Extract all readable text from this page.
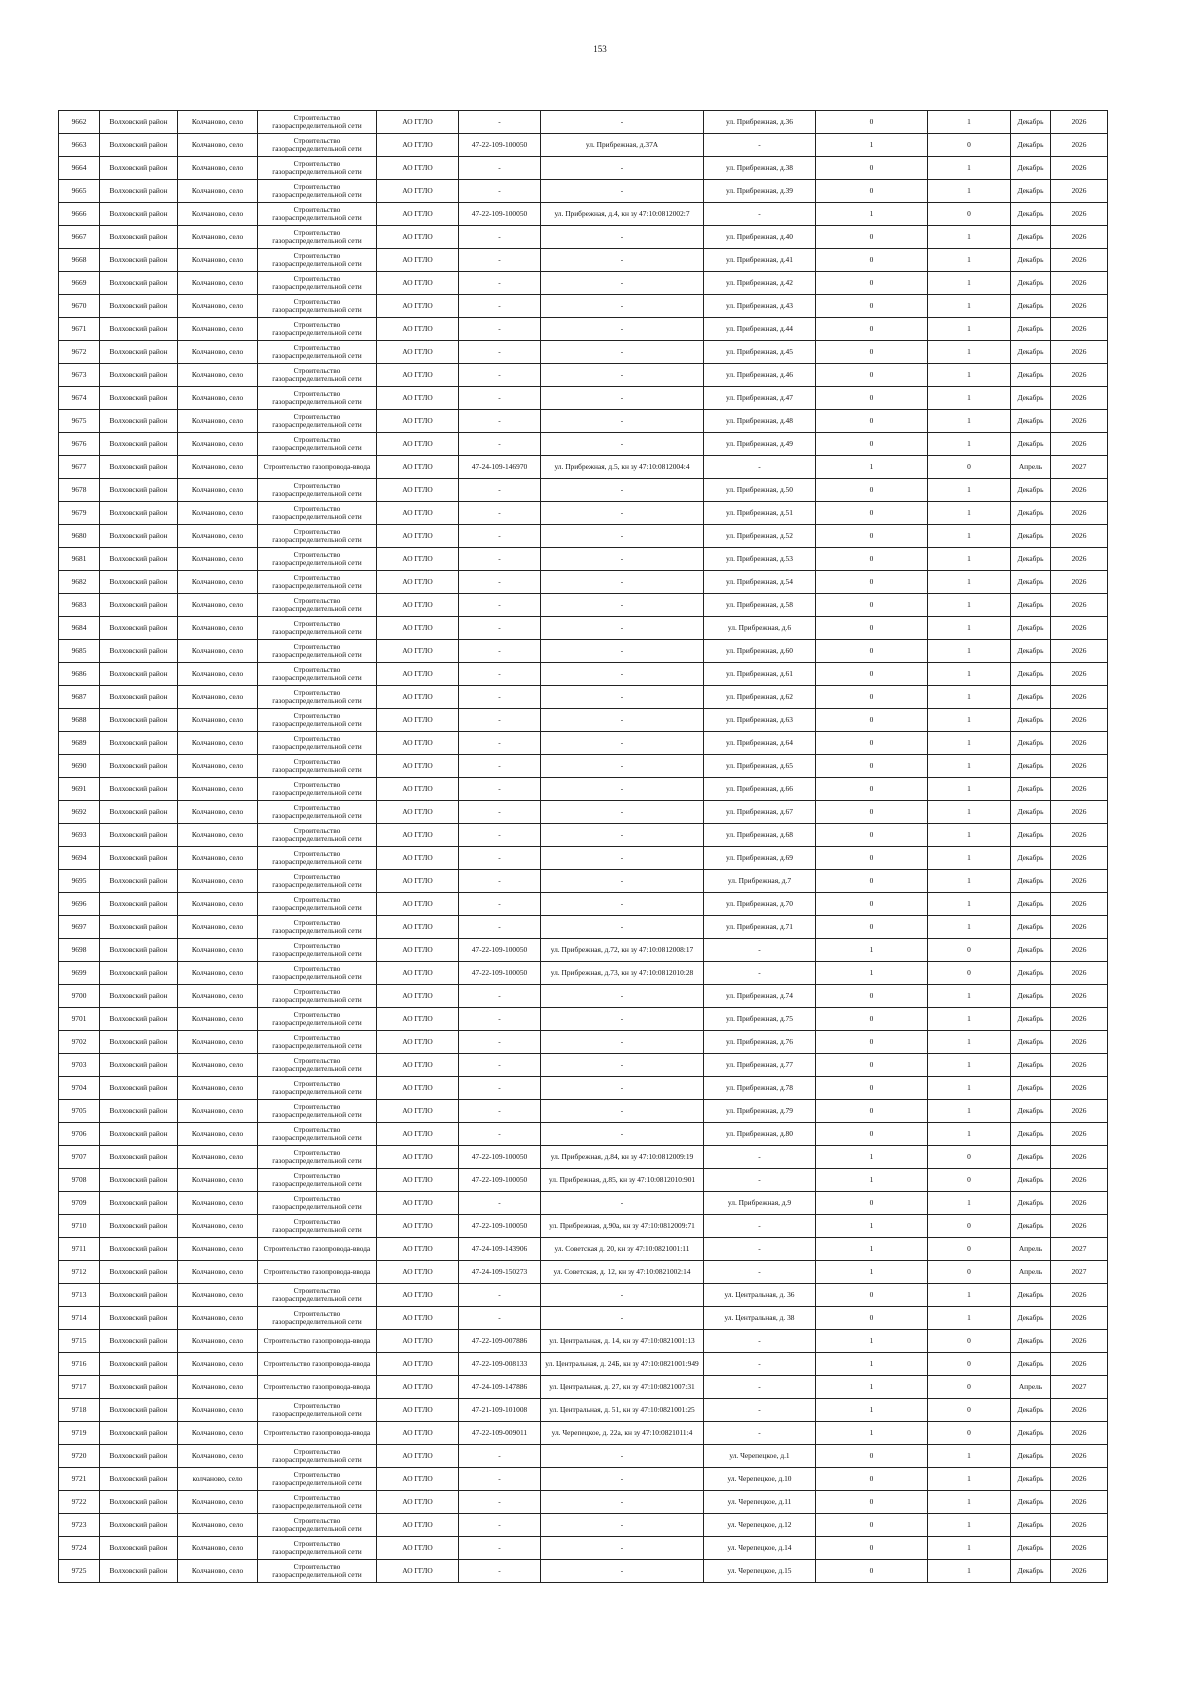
153
9662	Волховский район	Колчаново, село	Строительство газораспределительной сети	АО ГГЛО	-	-	ул. Прибрежная, д.36	0	1	Декабрь	2026
9663	Волховский район	Колчаново, село	Строительство газораспределительной сети	АО ГГЛО	47-22-109-100050	ул. Прибрежная, д.37А	-	1	0	Декабрь	2026
9664	Волховский район	Колчаново, село	Строительство газораспределительной сети	АО ГГЛО	-	-	ул. Прибрежная, д.38	0	1	Декабрь	2026
9665	Волховский район	Колчаново, село	Строительство газораспределительной сети	АО ГГЛО	-	-	ул. Прибрежная, д.39	0	1	Декабрь	2026
9666	Волховский район	Колчаново, село	Строительство газораспределительной сети	АО ГГЛО	47-22-109-100050	ул. Прибрежная, д.4, кн зу 47:10:0812002:7	-	1	0	Декабрь	2026
9667	Волховский район	Колчаново, село	Строительство газораспределительной сети	АО ГГЛО	-	-	ул. Прибрежная, д.40	0	1	Декабрь	2026
9668	Волховский район	Колчаново, село	Строительство газораспределительной сети	АО ГГЛО	-	-	ул. Прибрежная, д.41	0	1	Декабрь	2026
9669	Волховский район	Колчаново, село	Строительство газораспределительной сети	АО ГГЛО	-	-	ул. Прибрежная, д.42	0	1	Декабрь	2026
9670	Волховский район	Колчаново, село	Строительство газораспределительной сети	АО ГГЛО	-	-	ул. Прибрежная, д.43	0	1	Декабрь	2026
9671	Волховский район	Колчаново, село	Строительство газораспределительной сети	АО ГГЛО	-	-	ул. Прибрежная, д.44	0	1	Декабрь	2026
9672	Волховский район	Колчаново, село	Строительство газораспределительной сети	АО ГГЛО	-	-	ул. Прибрежная, д.45	0	1	Декабрь	2026
9673	Волховский район	Колчаново, село	Строительство газораспределительной сети	АО ГГЛО	-	-	ул. Прибрежная, д.46	0	1	Декабрь	2026
9674	Волховский район	Колчаново, село	Строительство газораспределительной сети	АО ГГЛО	-	-	ул. Прибрежная, д.47	0	1	Декабрь	2026
9675	Волховский район	Колчаново, село	Строительство газораспределительной сети	АО ГГЛО	-	-	ул. Прибрежная, д.48	0	1	Декабрь	2026
9676	Волховский район	Колчаново, село	Строительство газораспределительной сети	АО ГГЛО	-	-	ул. Прибрежная, д.49	0	1	Декабрь	2026
9677	Волховский район	Колчаново, село	Строительство газопровода-ввода	АО ГГЛО	47-24-109-146970	ул. Прибрежная, д.5, кн зу 47:10:0812004:4	-	1	0	Апрель	2027
9678	Волховский район	Колчаново, село	Строительство газораспределительной сети	АО ГГЛО	-	-	ул. Прибрежная, д.50	0	1	Декабрь	2026
9679	Волховский район	Колчаново, село	Строительство газораспределительной сети	АО ГГЛО	-	-	ул. Прибрежная, д.51	0	1	Декабрь	2026
9680	Волховский район	Колчаново, село	Строительство газораспределительной сети	АО ГГЛО	-	-	ул. Прибрежная, д.52	0	1	Декабрь	2026
9681	Волховский район	Колчаново, село	Строительство газораспределительной сети	АО ГГЛО	-	-	ул. Прибрежная, д.53	0	1	Декабрь	2026
9682	Волховский район	Колчаново, село	Строительство газораспределительной сети	АО ГГЛО	-	-	ул. Прибрежная, д.54	0	1	Декабрь	2026
9683	Волховский район	Колчаново, село	Строительство газораспределительной сети	АО ГГЛО	-	-	ул. Прибрежная, д.58	0	1	Декабрь	2026
9684	Волховский район	Колчаново, село	Строительство газораспределительной сети	АО ГГЛО	-	-	ул. Прибрежная, д.6	0	1	Декабрь	2026
9685	Волховский район	Колчаново, село	Строительство газораспределительной сети	АО ГГЛО	-	-	ул. Прибрежная, д.60	0	1	Декабрь	2026
9686	Волховский район	Колчаново, село	Строительство газораспределительной сети	АО ГГЛО	-	-	ул. Прибрежная, д.61	0	1	Декабрь	2026
9687	Волховский район	Колчаново, село	Строительство газораспределительной сети	АО ГГЛО	-	-	ул. Прибрежная, д.62	0	1	Декабрь	2026
9688	Волховский район	Колчаново, село	Строительство газораспределительной сети	АО ГГЛО	-	-	ул. Прибрежная, д.63	0	1	Декабрь	2026
9689	Волховский район	Колчаново, село	Строительство газораспределительной сети	АО ГГЛО	-	-	ул. Прибрежная, д.64	0	1	Декабрь	2026
9690	Волховский район	Колчаново, село	Строительство газораспределительной сети	АО ГГЛО	-	-	ул. Прибрежная, д.65	0	1	Декабрь	2026
9691	Волховский район	Колчаново, село	Строительство газораспределительной сети	АО ГГЛО	-	-	ул. Прибрежная, д.66	0	1	Декабрь	2026
9692	Волховский район	Колчаново, село	Строительство газораспределительной сети	АО ГГЛО	-	-	ул. Прибрежная, д.67	0	1	Декабрь	2026
9693	Волховский район	Колчаново, село	Строительство газораспределительной сети	АО ГГЛО	-	-	ул. Прибрежная, д.68	0	1	Декабрь	2026
9694	Волховский район	Колчаново, село	Строительство газораспределительной сети	АО ГГЛО	-	-	ул. Прибрежная, д.69	0	1	Декабрь	2026
9695	Волховский район	Колчаново, село	Строительство газораспределительной сети	АО ГГЛО	-	-	ул. Прибрежная, д.7	0	1	Декабрь	2026
9696	Волховский район	Колчаново, село	Строительство газораспределительной сети	АО ГГЛО	-	-	ул. Прибрежная, д.70	0	1	Декабрь	2026
9697	Волховский район	Колчаново, село	Строительство газораспределительной сети	АО ГГЛО	-	-	ул. Прибрежная, д.71	0	1	Декабрь	2026
9698	Волховский район	Колчаново, село	Строительство газораспределительной сети	АО ГГЛО	47-22-109-100050	ул. Прибрежная, д.72, кн зу 47:10:0812008:17	-	1	0	Декабрь	2026
9699	Волховский район	Колчаново, село	Строительство газораспределительной сети	АО ГГЛО	47-22-109-100050	ул. Прибрежная, д.73, кн зу 47:10:0812010:28	-	1	0	Декабрь	2026
9700	Волховский район	Колчаново, село	Строительство газораспределительной сети	АО ГГЛО	-	-	ул. Прибрежная, д.74	0	1	Декабрь	2026
9701	Волховский район	Колчаново, село	Строительство газораспределительной сети	АО ГГЛО	-	-	ул. Прибрежная, д.75	0	1	Декабрь	2026
9702	Волховский район	Колчаново, село	Строительство газораспределительной сети	АО ГГЛО	-	-	ул. Прибрежная, д.76	0	1	Декабрь	2026
9703	Волховский район	Колчаново, село	Строительство газораспределительной сети	АО ГГЛО	-	-	ул. Прибрежная, д.77	0	1	Декабрь	2026
9704	Волховский район	Колчаново, село	Строительство газораспределительной сети	АО ГГЛО	-	-	ул. Прибрежная, д.78	0	1	Декабрь	2026
9705	Волховский район	Колчаново, село	Строительство газораспределительной сети	АО ГГЛО	-	-	ул. Прибрежная, д.79	0	1	Декабрь	2026
9706	Волховский район	Колчаново, село	Строительство газораспределительной сети	АО ГГЛО	-	-	ул. Прибрежная, д.80	0	1	Декабрь	2026
9707	Волховский район	Колчаново, село	Строительство газораспределительной сети	АО ГГЛО	47-22-109-100050	ул. Прибрежная, д.84, кн зу 47:10:0812009:19	-	1	0	Декабрь	2026
9708	Волховский район	Колчаново, село	Строительство газораспределительной сети	АО ГГЛО	47-22-109-100050	ул. Прибрежная, д.85, кн зу 47:10:0812010:901	-	1	0	Декабрь	2026
9709	Волховский район	Колчаново, село	Строительство газораспределительной сети	АО ГГЛО	-	-	ул. Прибрежная, д.9	0	1	Декабрь	2026
9710	Волховский район	Колчаново, село	Строительство газораспределительной сети	АО ГГЛО	47-22-109-100050	ул. Прибрежная, д.90а, кн зу 47:10:0812009:71	-	1	0	Декабрь	2026
9711	Волховский район	Колчаново, село	Строительство газопровода-ввода	АО ГГЛО	47-24-109-143906	ул. Советская д. 20, кн зу 47:10:0821001:11	-	1	0	Апрель	2027
9712	Волховский район	Колчаново, село	Строительство газопровода-ввода	АО ГГЛО	47-24-109-150273	ул. Советская, д. 12, кн зу 47:10:0821002:14	-	1	0	Апрель	2027
9713	Волховский район	Колчаново, село	Строительство газораспределительной сети	АО ГГЛО	-	-	ул. Центральная, д. 36	0	1	Декабрь	2026
9714	Волховский район	Колчаново, село	Строительство газораспределительной сети	АО ГГЛО	-	-	ул. Центральная, д. 38	0	1	Декабрь	2026
9715	Волховский район	Колчаново, село	Строительство газопровода-ввода	АО ГГЛО	47-22-109-007886	ул. Центральная, д. 14, кн зу 47:10:0821001:13	-	1	0	Декабрь	2026
9716	Волховский район	Колчаново, село	Строительство газопровода-ввода	АО ГГЛО	47-22-109-008133	ул. Центральная, д. 24Б, кн зу 47:10:0821001:949	-	1	0	Декабрь	2026
9717	Волховский район	Колчаново, село	Строительство газопровода-ввода	АО ГГЛО	47-24-109-147886	ул. Центральная, д. 27, кн зу 47:10:0821007:31	-	1	0	Апрель	2027
9718	Волховский район	Колчаново, село	Строительство газораспределительной сети	АО ГГЛО	47-21-109-101008	ул. Центральная, д. 51, кн зу 47:10:0821001:25	-	1	0	Декабрь	2026
9719	Волховский район	Колчаново, село	Строительство газопровода-ввода	АО ГГЛО	47-22-109-009011	ул. Черепецкое, д. 22а, кн зу 47:10:0821011:4	-	1	0	Декабрь	2026
9720	Волховский район	Колчаново, село	Строительство газораспределительной сети	АО ГГЛО	-	-	ул. Черепецкое, д.1	0	1	Декабрь	2026
9721	Волховский район	колчаново, село	Строительство газораспределительной сети	АО ГГЛО	-	-	ул. Черепецкое, д.10	0	1	Декабрь	2026
9722	Волховский район	Колчаново, село	Строительство газораспределительной сети	АО ГГЛО	-	-	ул. Черепецкое, д.11	0	1	Декабрь	2026
9723	Волховский район	Колчаново, село	Строительство газораспределительной сети	АО ГГЛО	-	-	ул. Черепецкое, д.12	0	1	Декабрь	2026
9724	Волховский район	Колчаново, село	Строительство газораспределительной сети	АО ГГЛО	-	-	ул. Черепецкое, д.14	0	1	Декабрь	2026
9725	Волховский район	Колчаново, село	Строительство газораспределительной сети	АО ГГЛО	-	-	ул. Черепецкое, д.15	0	1	Декабрь	2026
